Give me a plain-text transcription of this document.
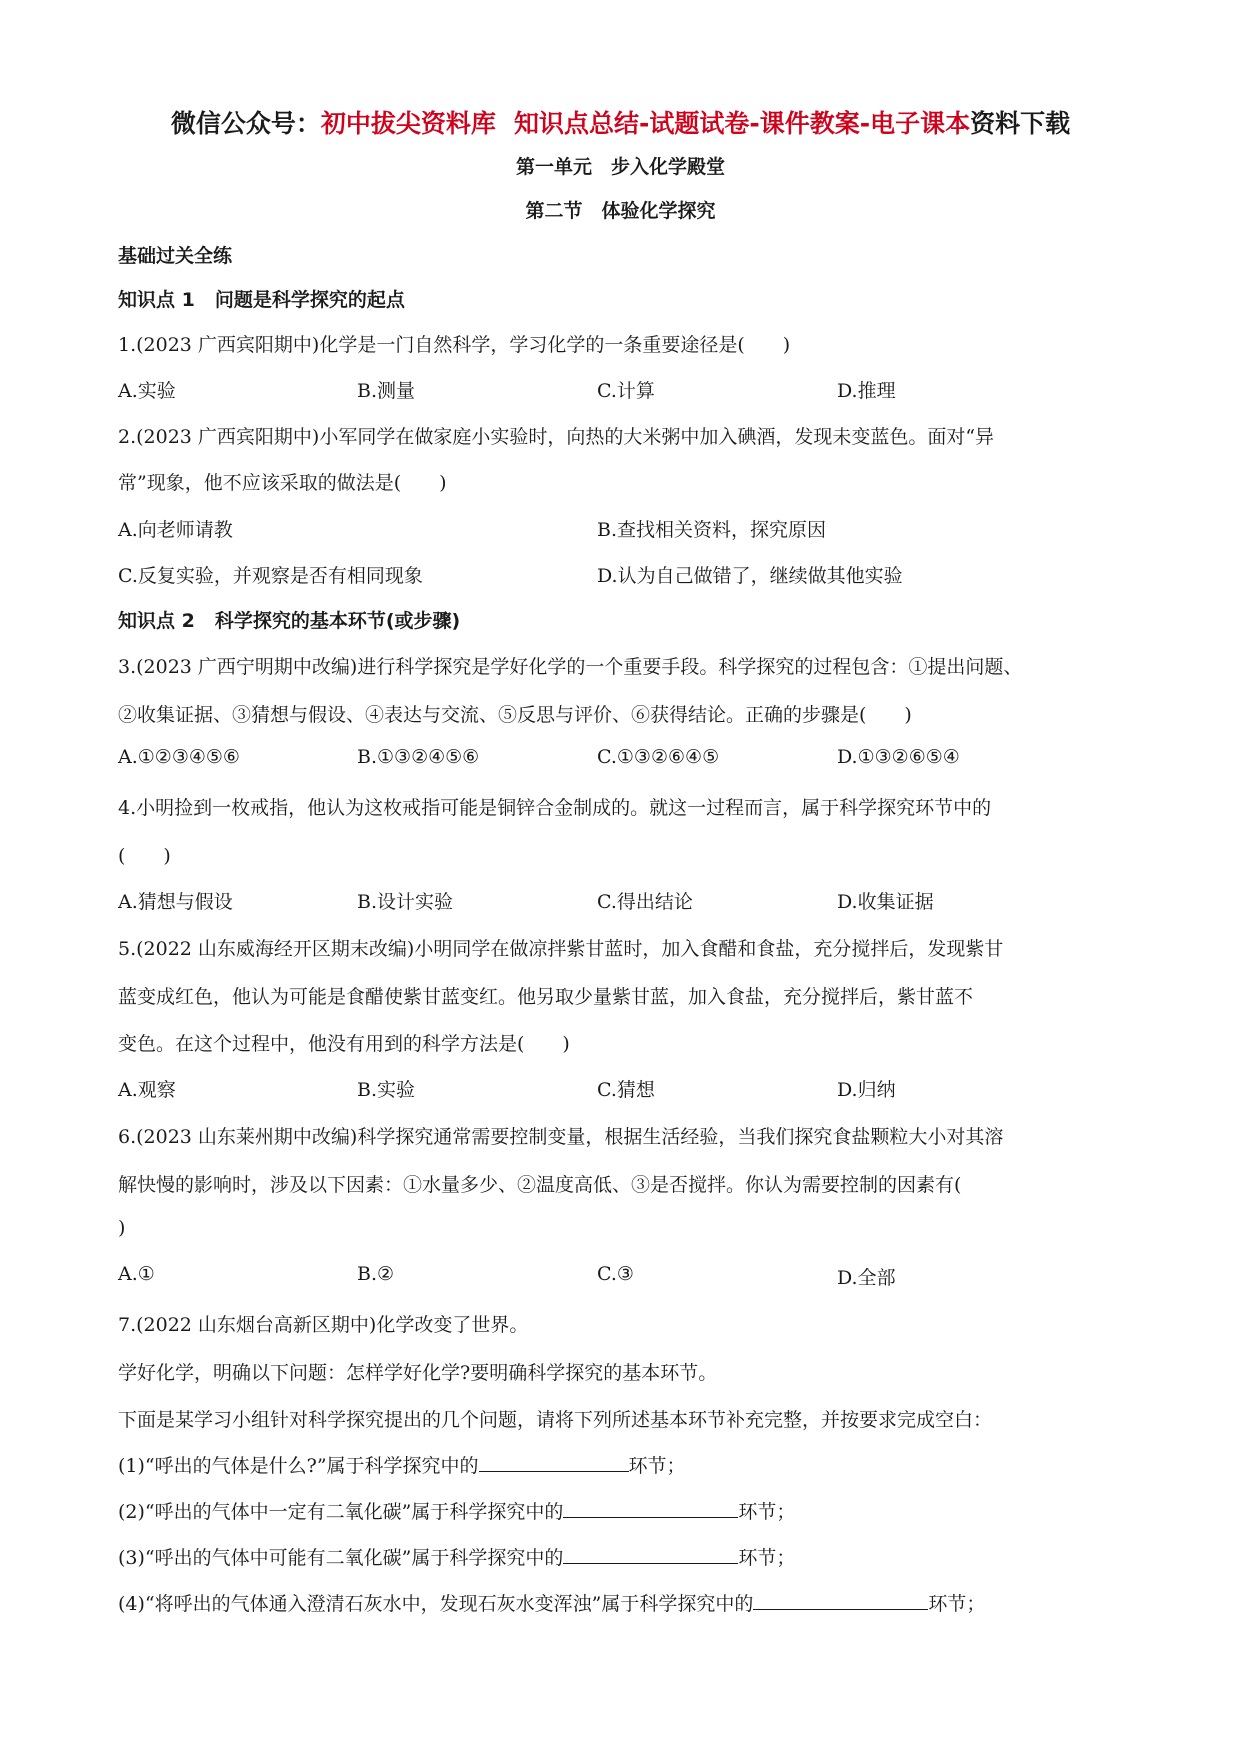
微信公众号：初中拔尖资料库 知识点总结-试题试卷-课件教案-电子课本资料下载
第一单元　步入化学殿堂
第二节　体验化学探究
基础过关全练
知识点 1 问题是科学探究的起点
1.(2023 广西宾阳期中)化学是一门自然科学，学习化学的一条重要途径是(　　)
A.实验	B.测量	C.计算	D.推理
2.(2023 广西宾阳期中)小军同学在做家庭小实验时，向热的大米粥中加入碘酒，发现未变蓝色。面对“异
常”现象，他不应该采取的做法是(　　)
A.向老师请教	B.查找相关资料，探究原因
C.反复实验，并观察是否有相同现象	D.认为自己做错了，继续做其他实验
知识点 2 科学探究的基本环节(或步骤)
3.(2023 广西宁明期中改编)进行科学探究是学好化学的一个重要手段。科学探究的过程包含：①提出问题、
②收集证据、③猜想与假设、④表达与交流、⑤反思与评价、⑥获得结论。正确的步骤是(　　)
A.①②③④⑤⑥	B.①③②④⑤⑥	C.①③②⑥④⑤	D.①③②⑥⑤④
4.小明捡到一枚戒指，他认为这枚戒指可能是铜锌合金制成的。就这一过程而言，属于科学探究环节中的
(　　)
A.猜想与假设	B.设计实验	C.得出结论	D.收集证据
5.(2022 山东威海经开区期末改编)小明同学在做凉拌紫甘蓝时，加入食醋和食盐，充分搅拌后，发现紫甘
蓝变成红色，他认为可能是食醋使紫甘蓝变红。他另取少量紫甘蓝，加入食盐，充分搅拌后，紫甘蓝不
变色。在这个过程中，他没有用到的科学方法是(　　)
A.观察	B.实验	C.猜想	D.归纳
6.(2023 山东莱州期中改编)科学探究通常需要控制变量，根据生活经验，当我们探究食盐颗粒大小对其溶
解快慢的影响时，涉及以下因素：①水量多少、②温度高低、③是否搅拌。你认为需要控制的因素有(
)
A.①	B.②	C.③	D.全部
7.(2022 山东烟台高新区期中)化学改变了世界。
学好化学，明确以下问题：怎样学好化学?要明确科学探究的基本环节。
下面是某学习小组针对科学探究提出的几个问题，请将下列所述基本环节补充完整，并按要求完成空白：
(1)“呼出的气体是什么?”属于科学探究中的	环节；
(2)“呼出的气体中一定有二氧化碳”属于科学探究中的	环节；
(3)“呼出的气体中可能有二氧化碳”属于科学探究中的	环节；
(4)“将呼出的气体通入澄清石灰水中，发现石灰水变浑浊”属于科学探究中的	环节；
